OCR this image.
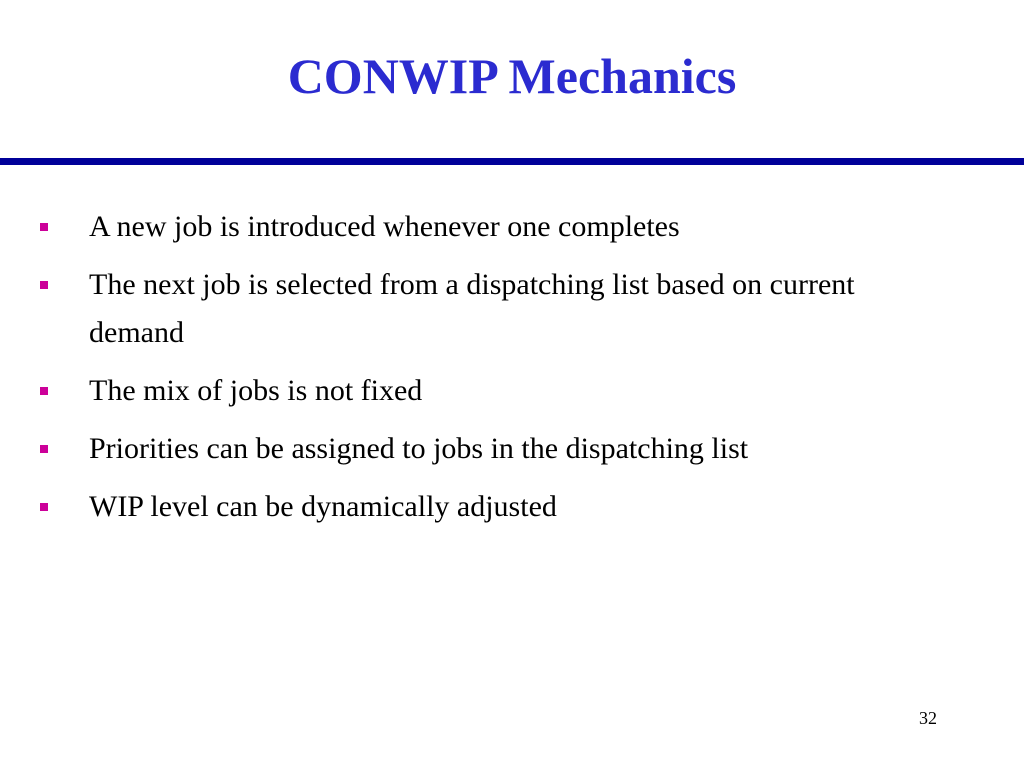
CONWIP Mechanics
A new job is introduced whenever one completes
The next job is selected from a dispatching list based on current demand
The mix of jobs is not fixed
Priorities can be assigned to jobs in the dispatching list
WIP level can be dynamically adjusted
32
